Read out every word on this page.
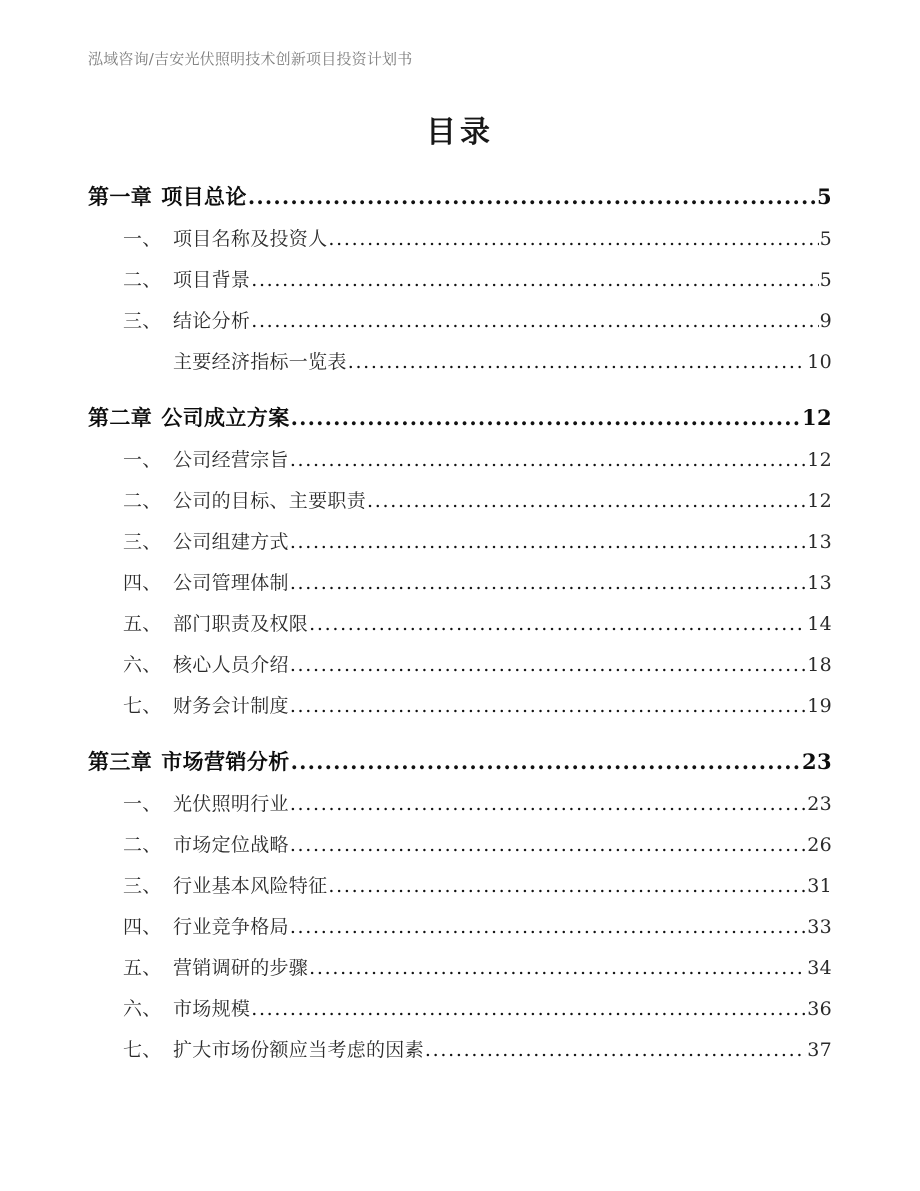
泓域咨询/吉安光伏照明技术创新项目投资计划书
目录
第一章 项目总论 .....	5
一、 项目名称及投资人 .....	5
二、 项目背景 .....	5
三、 结论分析 .....	9
主要经济指标一览表 .....	10
第二章 公司成立方案 .....	12
一、 公司经营宗旨 .....	12
二、 公司的目标、主要职责 .....	12
三、 公司组建方式 .....	13
四、 公司管理体制 .....	13
五、 部门职责及权限 .....	14
六、 核心人员介绍 .....	18
七、 财务会计制度 .....	19
第三章 市场营销分析 .....	23
一、 光伏照明行业 .....	23
二、 市场定位战略 .....	26
三、 行业基本风险特征 .....	31
四、 行业竞争格局 .....	33
五、 营销调研的步骤 .....	34
六、 市场规模 .....	36
七、 扩大市场份额应当考虑的因素 .....	37
